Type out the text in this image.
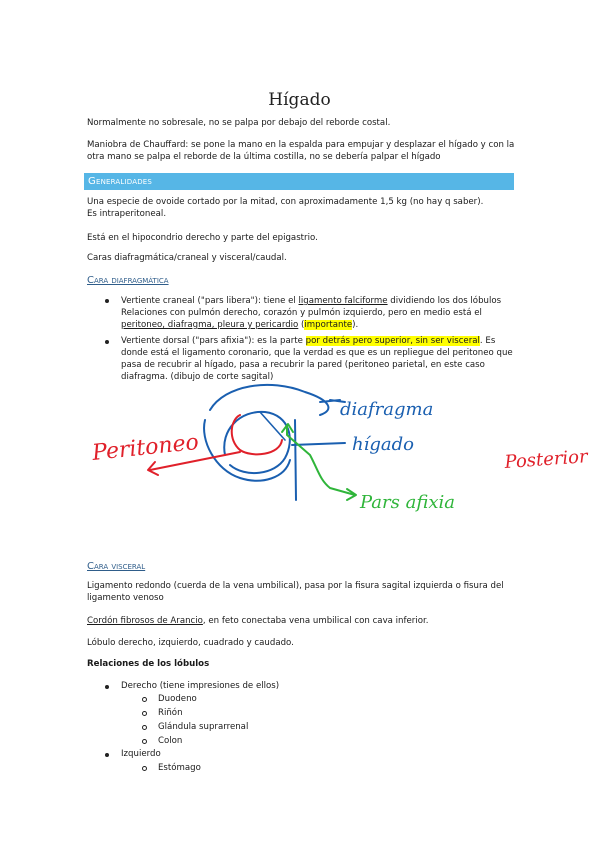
Hígado

Normalmente no sobresale, no se palpa por debajo del reborde costal.

Maniobra de Chauffard: se pone la mano en la espalda para empujar y desplazar el hígado y con la otra mano se palpa el reborde de la última costilla, no se debería palpar el hígado

Generalidades

Una especie de ovoide cortado por la mitad, con aproximadamente 1,5 kg (no hay q saber).

Es intraperitoneal.

Está en el hipocondrio derecho y parte del epigastrio.

Caras diafragmática/craneal y visceral/caudal.

Cara diafragmática
Vertiente craneal ("pars libera"): tiene el ligamento falciforme dividiendo los dos lóbulos Relaciones con pulmón derecho, corazón y pulmón izquierdo, pero en medio está el peritoneo, diafragma, pleura y pericardio (importante).
Vertiente dorsal ("pars afixia"): es la parte por detrás pero superior, sin ser visceral. Es donde está el ligamento coronario, que la verdad es que es un repliegue del peritoneo que pasa de recubrir al hígado, pasa a recubrir la pared (peritoneo parietal, en este caso diafragma. (dibujo de corte sagital)
Peritoneo
diafragma
hígado
Pars afixia
Posterior
Cara visceral

Ligamento redondo (cuerda de la vena umbilical), pasa por la fisura sagital izquierda o fisura del ligamento venoso

Cordón fibrosos de Arancio, en feto conectaba vena umbilical con cava inferior.

Lóbulo derecho, izquierdo, cuadrado y caudado.

Relaciones de los lóbulos

Derecho (tiene impresiones de ellos)
Duodeno
Riñón
Glándula suprarrenal
Colon
Izquierdo
Estómago
